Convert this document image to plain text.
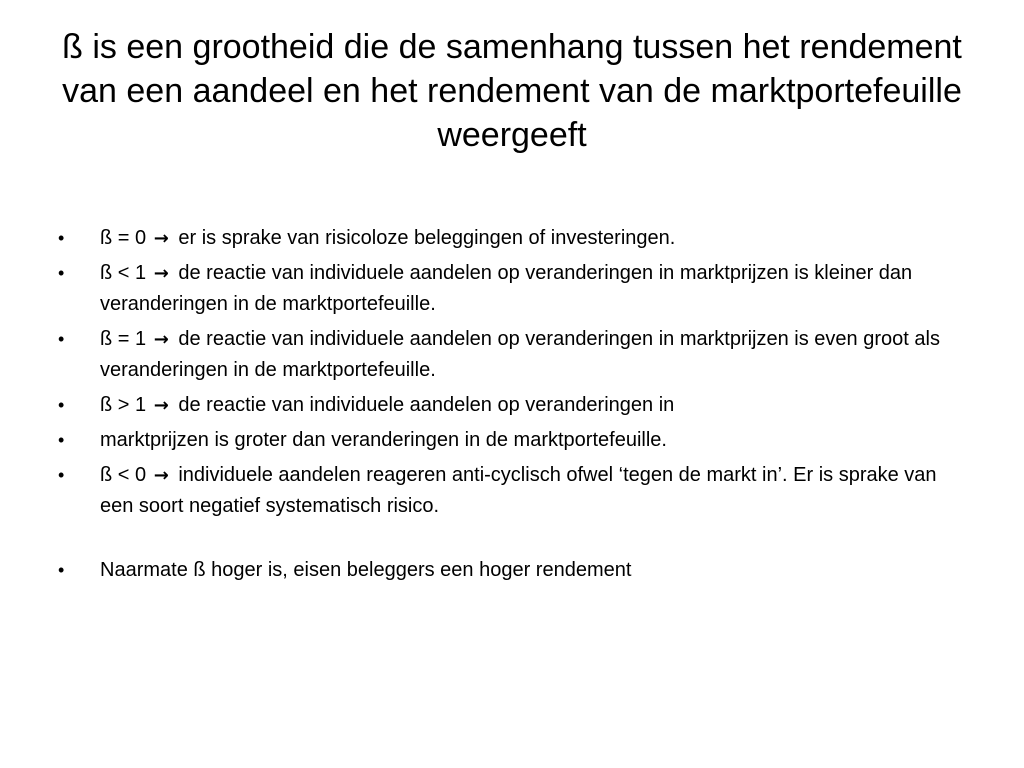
ß is een grootheid die de samenhang tussen het rendement van een aandeel en het rendement van de marktportefeuille weergeeft
• ß = 0 → er is sprake van risicoloze beleggingen of investeringen.
• ß < 1 → de reactie van individuele aandelen op veranderingen in marktprijzen is kleiner dan veranderingen in de marktportefeuille.
• ß = 1 → de reactie van individuele aandelen op veranderingen in marktprijzen is even groot als veranderingen in de marktportefeuille.
• ß > 1 → de reactie van individuele aandelen op veranderingen in
• marktprijzen is groter dan veranderingen in de marktportefeuille.
• ß < 0 → individuele aandelen reageren anti-cyclisch ofwel ‘tegen de markt in’. Er is sprake van een soort negatief systematisch risico.
• Naarmate ß hoger is, eisen beleggers een hoger rendement
